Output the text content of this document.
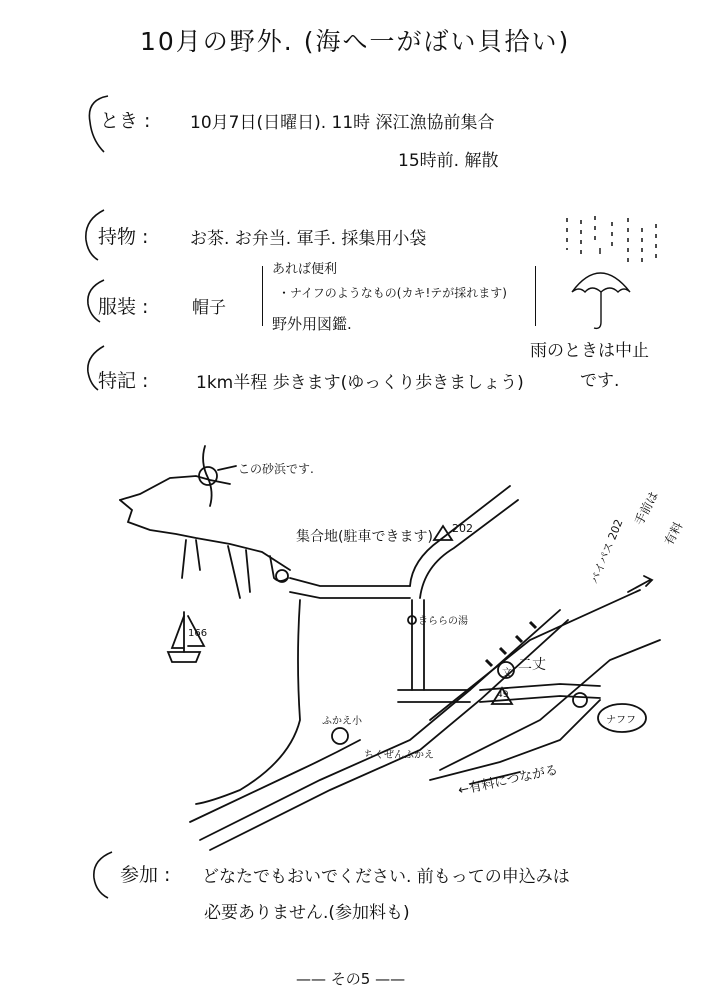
10月の野外. (海へ一がばい貝拾い)
とき : 10月7日(日曜日). 11時 深江漁協前集合
15時前. 解散
持物 : お茶. お弁当. 軍手. 採集用小袋
服装 :	帽子
あれば便利
・ナイフのようなもの(カキ!テが採れます)
野外用図鑑.
雨のときは中止
です.
特記 :	1km半程 歩きます(ゆっくり歩きましょう)
この砂浜です.
集合地(駐車できます)
202
166
きららの湯
二丈
文
49
バイパス 202
手前は
有料
ふかえ小
ちくぜんふかえ
←有料につながる
ナフフ
参加 : どなたでもおいでください. 前もっての申込みは
必要ありません.(参加料も)
—— その5 ——
